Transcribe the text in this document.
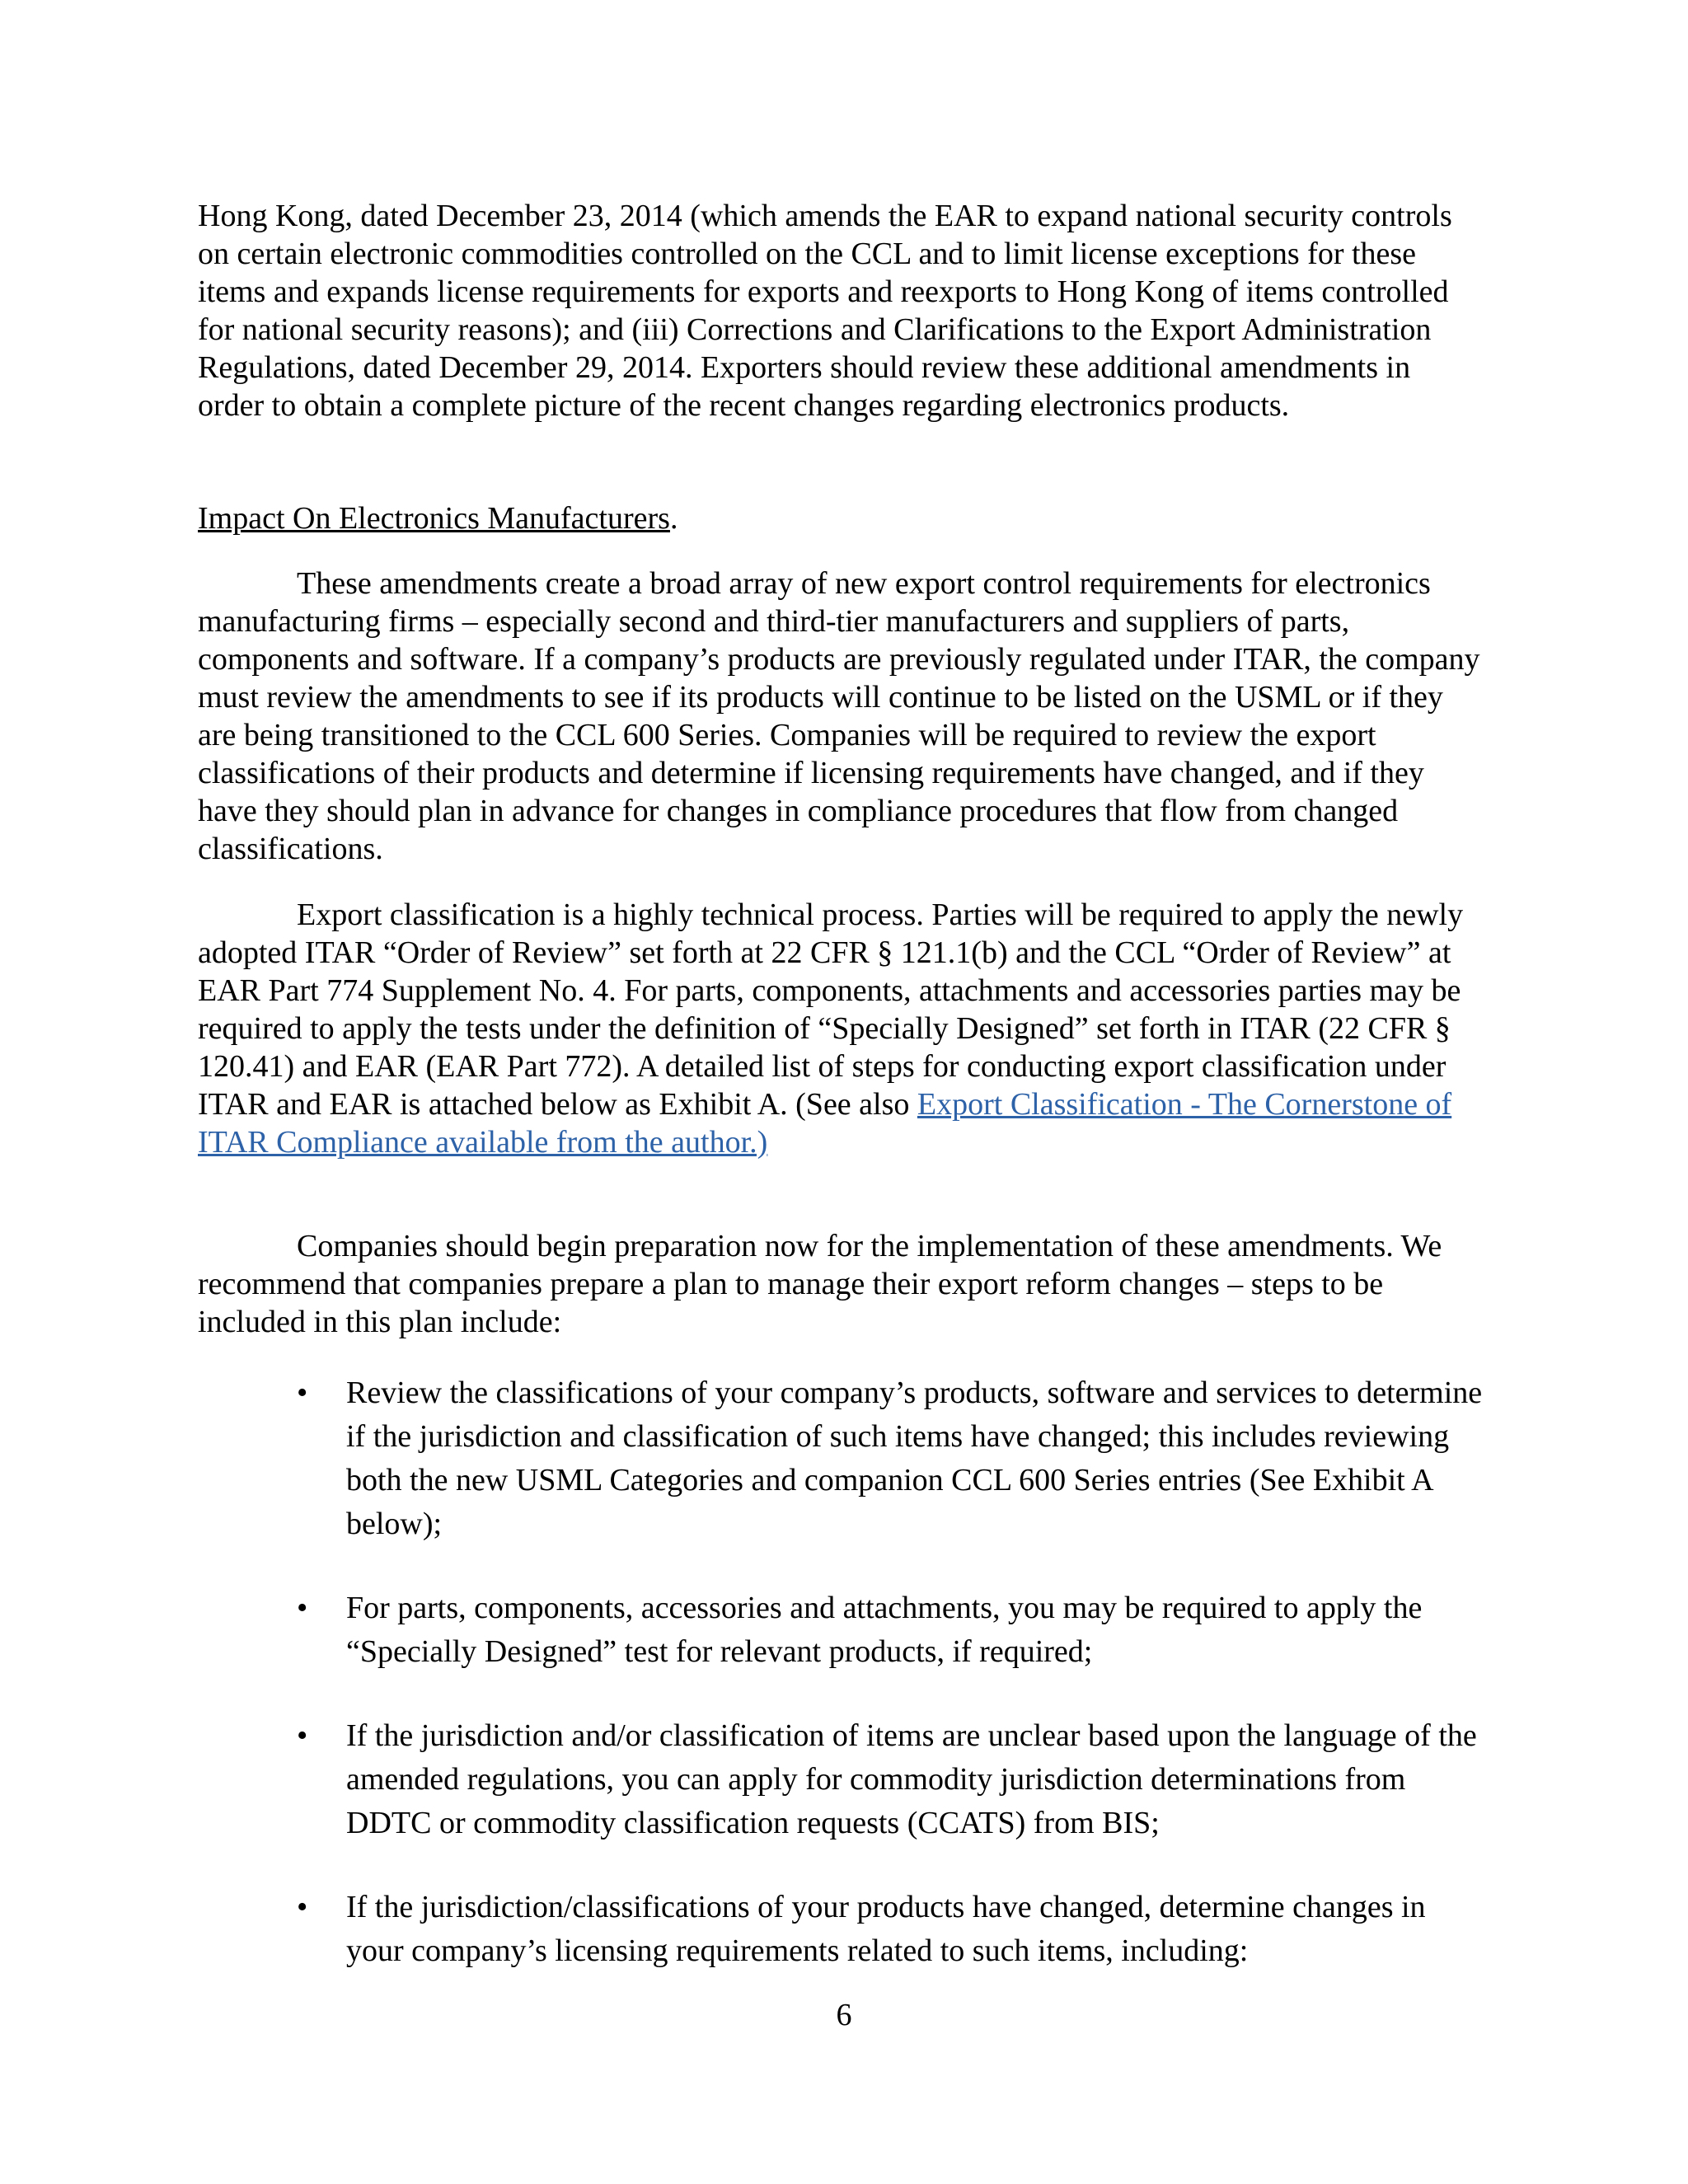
Hong Kong, dated December 23, 2014 (which amends the EAR to expand national security controls on certain electronic commodities controlled on the CCL and to limit license exceptions for these items and expands license requirements for exports and reexports to Hong Kong of items controlled for national security reasons); and (iii) Corrections and Clarifications to the Export Administration Regulations, dated December 29, 2014. Exporters should review these additional amendments in order to obtain a complete picture of the recent changes regarding electronics products.

Impact On Electronics Manufacturers.

These amendments create a broad array of new export control requirements for electronics manufacturing firms – especially second and third-tier manufacturers and suppliers of parts, components and software. If a company’s products are previously regulated under ITAR, the company must review the amendments to see if its products will continue to be listed on the USML or if they are being transitioned to the CCL 600 Series. Companies will be required to review the export classifications of their products and determine if licensing requirements have changed, and if they have they should plan in advance for changes in compliance procedures that flow from changed classifications.

Export classification is a highly technical process. Parties will be required to apply the newly adopted ITAR “Order of Review” set forth at 22 CFR § 121.1(b) and the CCL “Order of Review” at EAR Part 774 Supplement No. 4. For parts, components, attachments and accessories parties may be required to apply the tests under the definition of “Specially Designed” set forth in ITAR (22 CFR § 120.41) and EAR (EAR Part 772). A detailed list of steps for conducting export classification under ITAR and EAR is attached below as Exhibit A. (See also Export Classification - The Cornerstone of ITAR Compliance available from the author.)

Companies should begin preparation now for the implementation of these amendments. We recommend that companies prepare a plan to manage their export reform changes – steps to be included in this plan include:

• Review the classifications of your company’s products, software and services to determine if the jurisdiction and classification of such items have changed; this includes reviewing both the new USML Categories and companion CCL 600 Series entries (See Exhibit A below);
• For parts, components, accessories and attachments, you may be required to apply the “Specially Designed” test for relevant products, if required;
• If the jurisdiction and/or classification of items are unclear based upon the language of the amended regulations, you can apply for commodity jurisdiction determinations from DDTC or commodity classification requests (CCATS) from BIS;
• If the jurisdiction/classifications of your products have changed, determine changes in your company’s licensing requirements related to such items, including:
6
